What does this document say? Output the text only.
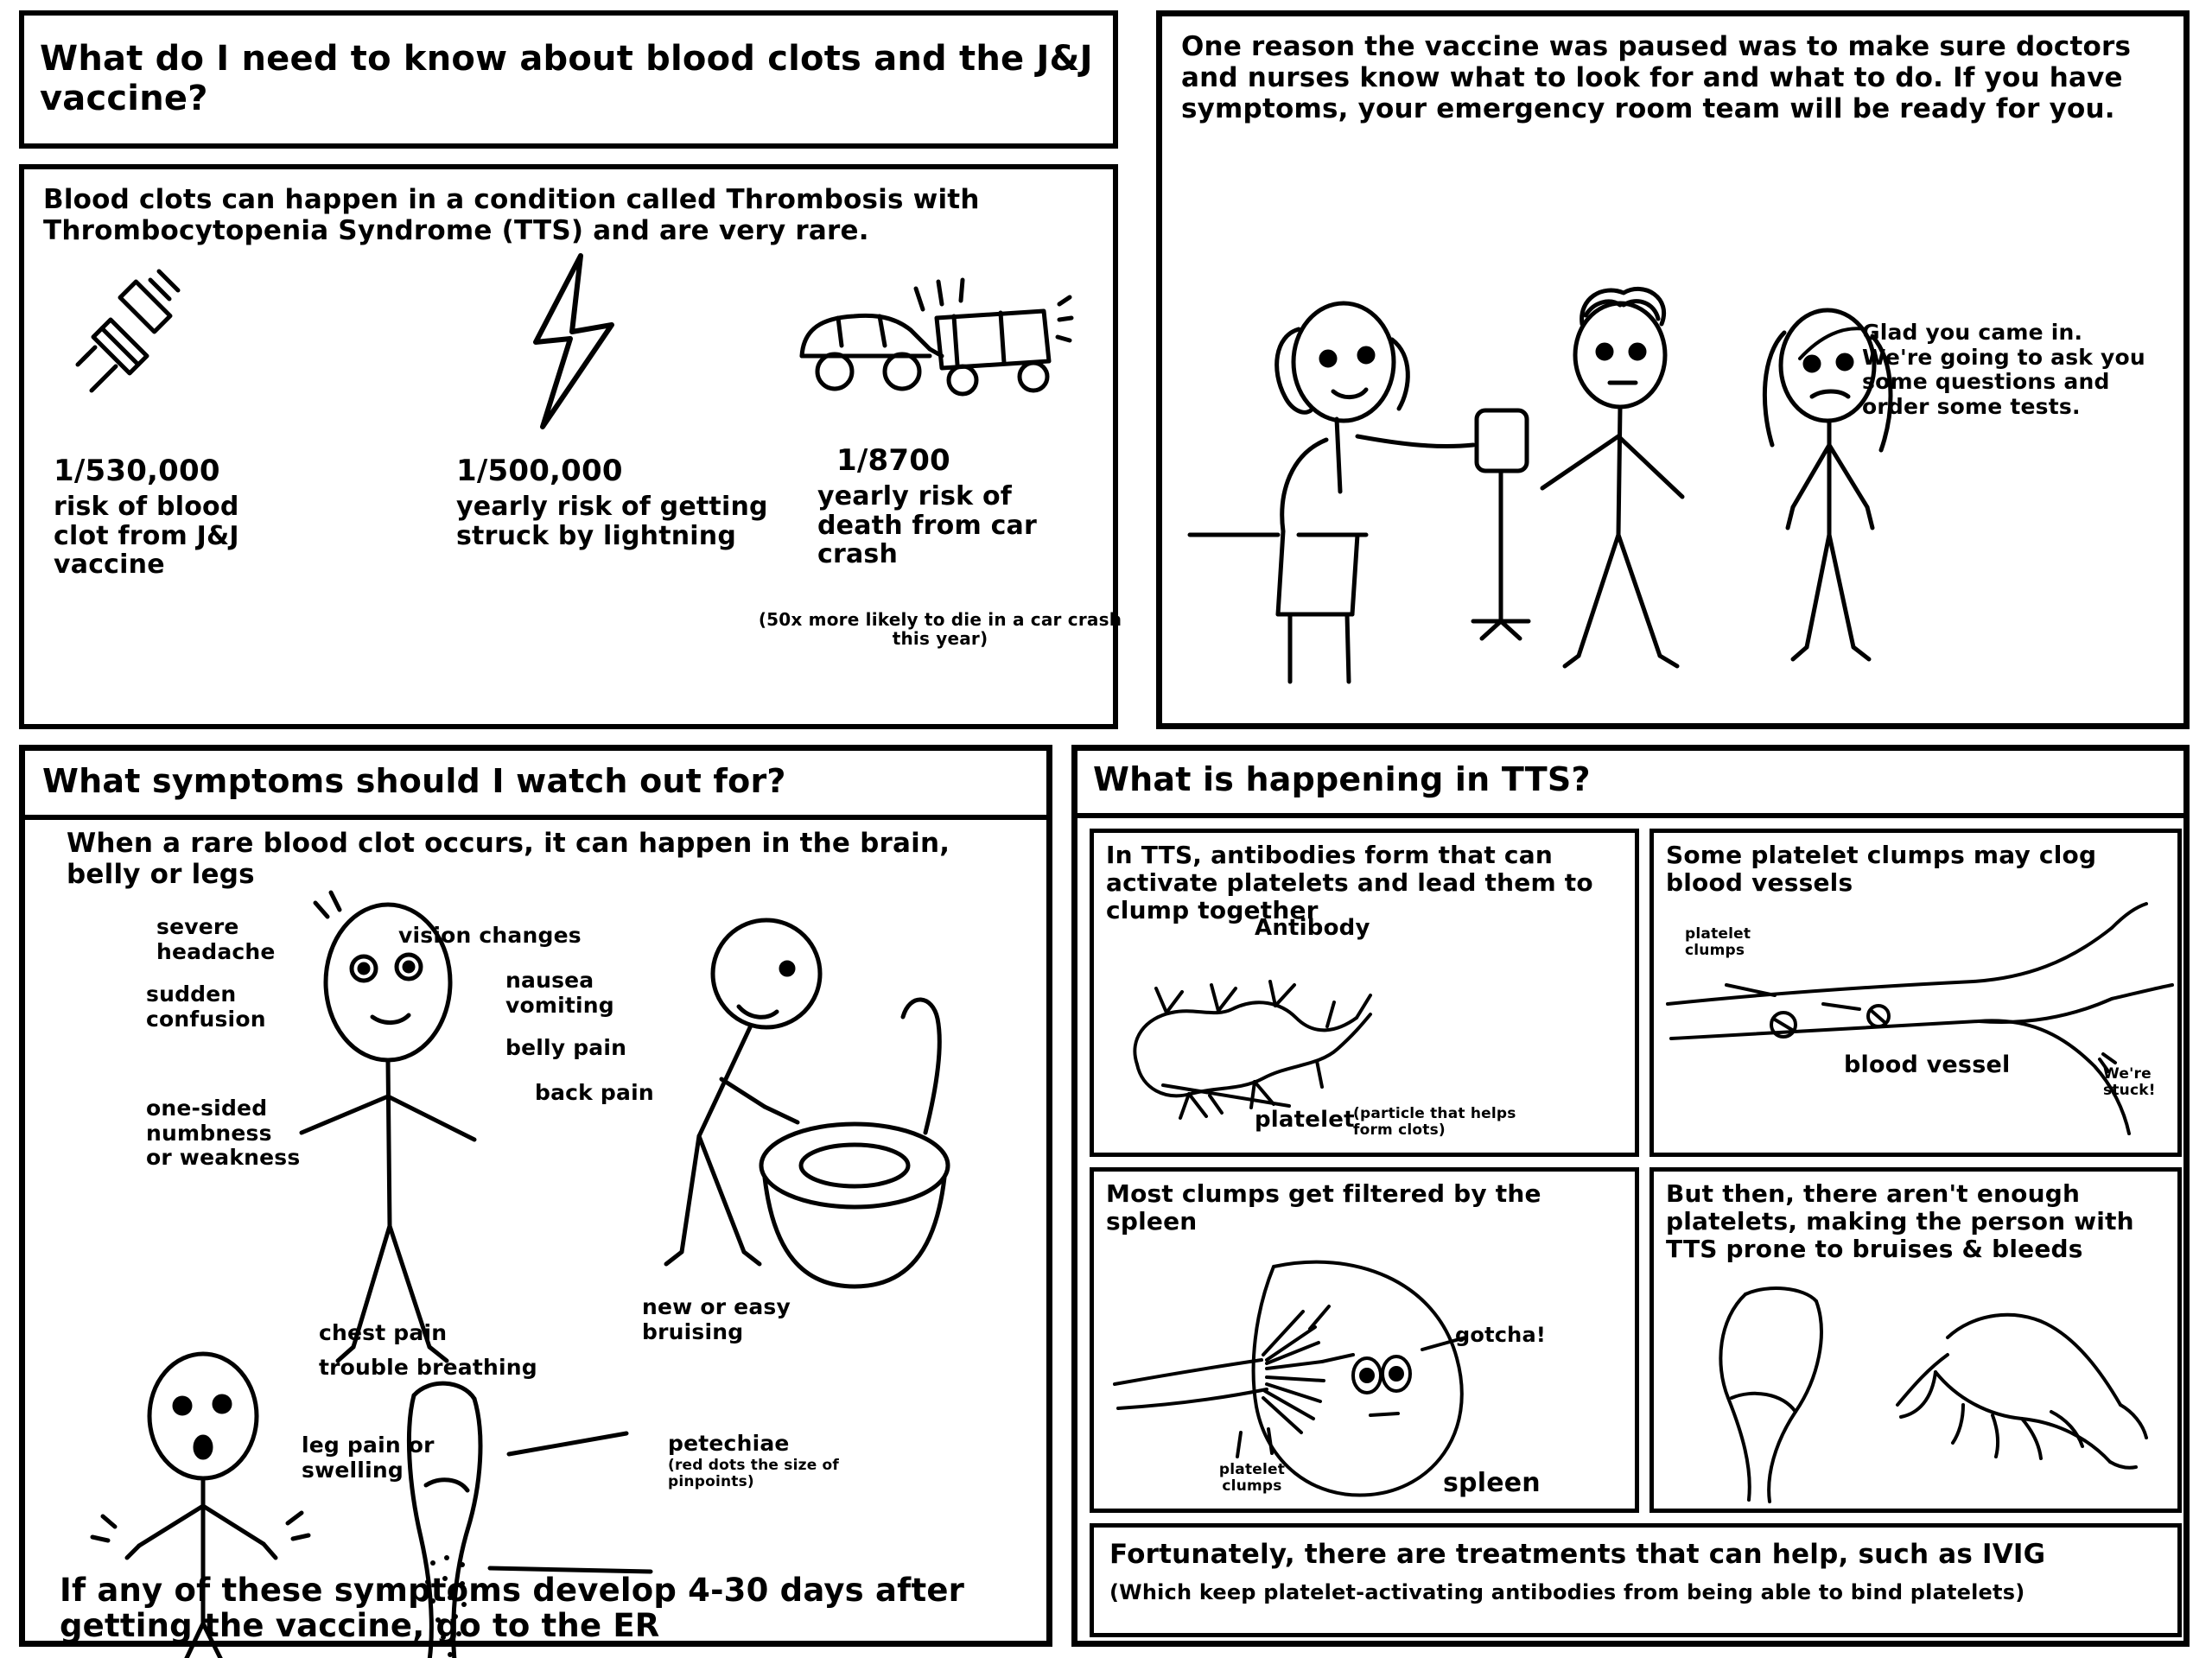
What do I need to know about blood clots and the J&J vaccine?
Blood clots can happen in a condition called Thrombosis with Thrombocytopenia Syndrome (TTS) and are very rare.
1/530,000
risk of blood clot from J&J vaccine
1/500,000
yearly risk of getting struck by lightning
1/8700
yearly risk of death from car crash
(50x more likely to die in a car crash this year)
One reason the vaccine was paused was to make sure doctors and nurses know what to look for and what to do. If you have symptoms, your emergency room team will be ready for you.
Glad you came in. We're going to ask you some questions and order some tests.
What symptoms should I watch out for?
When a rare blood clot occurs, it can happen in the brain, belly or legs
severe headache
sudden confusion
one-sided numbness or weakness
vision changes
nausea vomiting
belly pain
back pain
chest pain
trouble breathing
leg pain or swelling
new or easy bruising
petechiae
(red dots the size of pinpoints)
If any of these symptoms develop 4-30 days after getting the vaccine, go to the ER
What is happening in TTS?
In TTS, antibodies form that can activate platelets and lead them to clump together
Antibody
platelet
(particle that helps form clots)
Some platelet clumps may clog blood vessels
platelet clumps
blood vessel	We're stuck!
Most clumps get filtered by the spleen
gotcha!
platelet clumps	spleen
But then, there aren't enough platelets, making the person with TTS prone to bruises & bleeds
Fortunately, there are treatments that can help, such as IVIG
(Which keep platelet-activating antibodies from being able to bind platelets)
